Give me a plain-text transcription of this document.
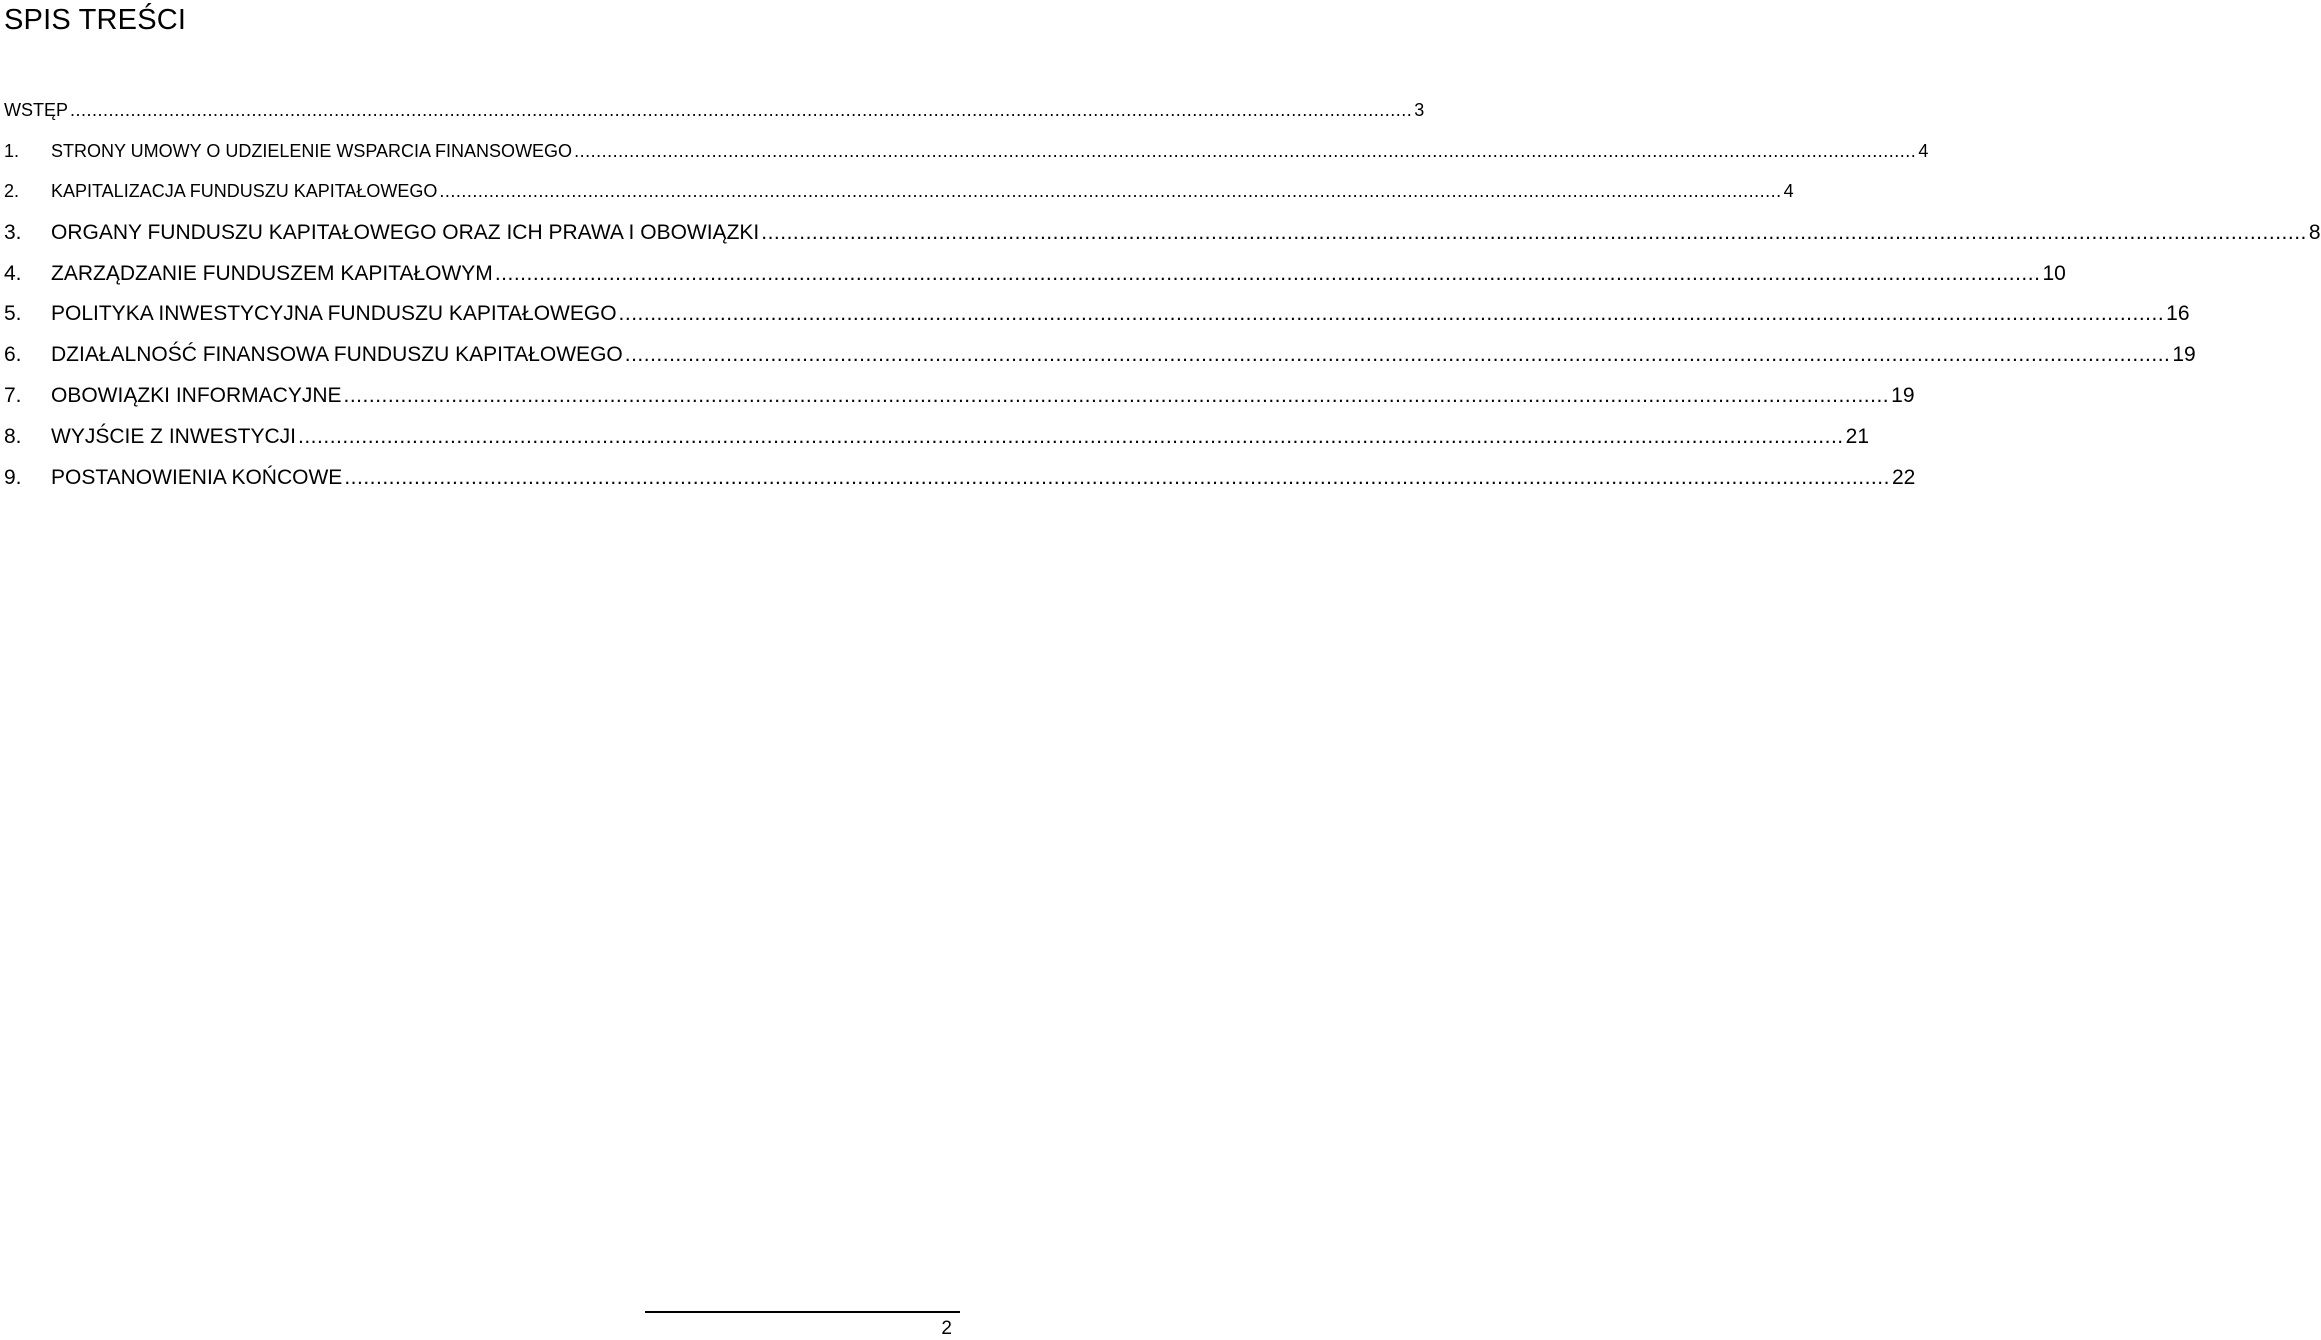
SPIS TREŚCI
WSTĘP .................................................................................................................................................................................................................................................... 3
1.	STRONY UMOWY O UDZIELENIE WSPARCIA FINANSOWEGO .................................................................................................................................................................................................................................................... 4
2.	KAPITALIZACJA FUNDUSZU KAPITAŁOWEGO .................................................................................................................................................................................................................................................... 4
3.	ORGANY FUNDUSZU KAPITAŁOWEGO ORAZ ICH PRAWA I OBOWIĄZKI .................................................................................................................................................................................................................................................... 8
4.	ZARZĄDZANIE FUNDUSZEM KAPITAŁOWYM .................................................................................................................................................................................................................................................... 10
5.	POLITYKA INWESTYCYJNA FUNDUSZU KAPITAŁOWEGO .................................................................................................................................................................................................................................................... 16
6.	DZIAŁALNOŚĆ FINANSOWA FUNDUSZU KAPITAŁOWEGO .................................................................................................................................................................................................................................................... 19
7.	OBOWIĄZKI INFORMACYJNE .................................................................................................................................................................................................................................................... 19
8.	WYJŚCIE Z INWESTYCJI .................................................................................................................................................................................................................................................... 21
9.	POSTANOWIENIA KOŃCOWE .................................................................................................................................................................................................................................................... 22
2
